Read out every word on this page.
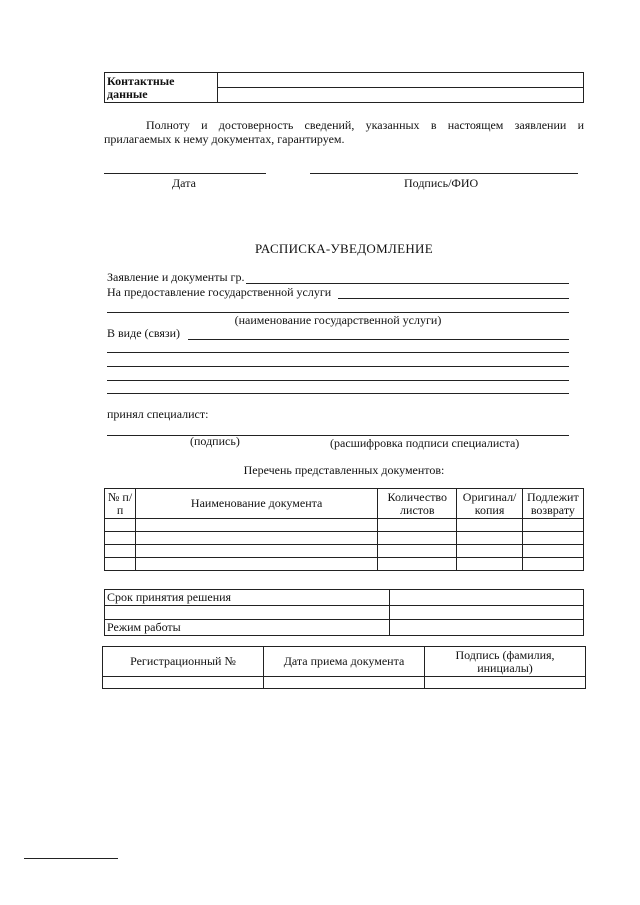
Контактные данные	

Полноту и достоверность сведений, указанных в настоящем заявлении и
прилагаемых к нему документах, гарантируем.
Дата	Подпись/ФИО
РАСПИСКА-УВЕДОМЛЕНИЕ
Заявление и документы гр.
На предоставление государственной услуги
(наименование государственной услуги)
В виде (связи)
принял специалист:
(подпись)	(расшифровка подписи специалиста)
Перечень представленных документов:
№ п/п	Наименование документа	Количество листов	Оригинал/ копия	Подлежит возврату

Срок принятия решения	

Режим работы	
Регистрационный №	Дата приема документа	Подпись (фамилия, инициалы)
